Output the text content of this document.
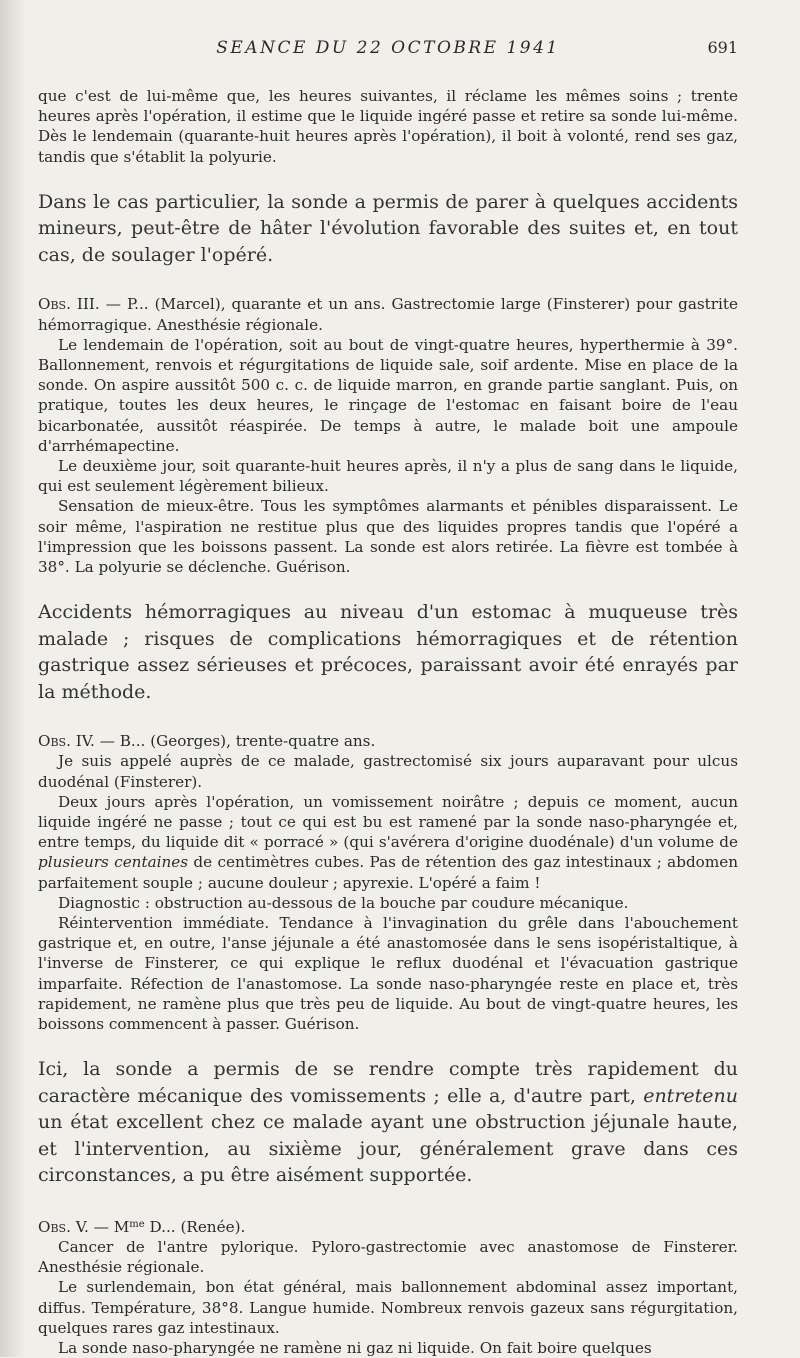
SEANCE DU 22 OCTOBRE 1941	691

que c'est de lui-même que, les heures suivantes, il réclame les mêmes soins ; trente heures après l'opération, il estime que le liquide ingéré passe et retire sa sonde lui-même. Dès le lendemain (quarante-huit heures après l'opération), il boit à volonté, rend ses gaz, tandis que s'établit la polyurie.

Dans le cas particulier, la sonde a permis de parer à quelques accidents mineurs, peut-être de hâter l'évolution favorable des suites et, en tout cas, de soulager l'opéré.

Obs. III. — P... (Marcel), quarante et un ans. Gastrectomie large (Finsterer) pour gastrite hémorragique. Anesthésie régionale.

Le lendemain de l'opération, soit au bout de vingt-quatre heures, hyperthermie à 39°. Ballonnement, renvois et régurgitations de liquide sale, soif ardente. Mise en place de la sonde. On aspire aussitôt 500 c. c. de liquide marron, en grande partie sanglant. Puis, on pratique, toutes les deux heures, le rinçage de l'estomac en faisant boire de l'eau bicarbonatée, aussitôt réaspirée. De temps à autre, le malade boit une ampoule d'arrhémapectine.

Le deuxième jour, soit quarante-huit heures après, il n'y a plus de sang dans le liquide, qui est seulement légèrement bilieux.

Sensation de mieux-être. Tous les symptômes alarmants et pénibles disparaissent. Le soir même, l'aspiration ne restitue plus que des liquides propres tandis que l'opéré a l'impression que les boissons passent. La sonde est alors retirée. La fièvre est tombée à 38°. La polyurie se déclenche. Guérison.

Accidents hémorragiques au niveau d'un estomac à muqueuse très malade ; risques de complications hémorragiques et de rétention gastrique assez sérieuses et précoces, paraissant avoir été enrayés par la méthode.

Obs. IV. — B... (Georges), trente-quatre ans.

Je suis appelé auprès de ce malade, gastrectomisé six jours auparavant pour ulcus duodénal (Finsterer).

Deux jours après l'opération, un vomissement noirâtre ; depuis ce moment, aucun liquide ingéré ne passe ; tout ce qui est bu est ramené par la sonde naso-pharyngée et, entre temps, du liquide dit « porracé » (qui s'avérera d'origine duodénale) d'un volume de plusieurs centaines de centimètres cubes. Pas de rétention des gaz intestinaux ; abdomen parfaitement souple ; aucune douleur ; apyrexie. L'opéré a faim !

Diagnostic : obstruction au-dessous de la bouche par coudure mécanique.

Réintervention immédiate. Tendance à l'invagination du grêle dans l'abouchement gastrique et, en outre, l'anse jéjunale a été anastomosée dans le sens isopéristaltique, à l'inverse de Finsterer, ce qui explique le reflux duodénal et l'évacuation gastrique imparfaite. Réfection de l'anastomose. La sonde naso-pharyngée reste en place et, très rapidement, ne ramène plus que très peu de liquide. Au bout de vingt-quatre heures, les boissons commencent à passer. Guérison.

Ici, la sonde a permis de se rendre compte très rapidement du caractère mécanique des vomissements ; elle a, d'autre part, entretenu un état excellent chez ce malade ayant une obstruction jéjunale haute, et l'intervention, au sixième jour, généralement grave dans ces circonstances, a pu être aisément supportée.

Obs. V. — $M^{me}$ D... (Renée).

Cancer de l'antre pylorique. Pyloro-gastrectomie avec anastomose de Finsterer. Anesthésie régionale.

Le surlendemain, bon état général, mais ballonnement abdominal assez important, diffus. Température, 38°8. Langue humide. Nombreux renvois gazeux sans régurgitation, quelques rares gaz intestinaux.

La sonde naso-pharyngée ne ramène ni gaz ni liquide. On fait boire quelques
